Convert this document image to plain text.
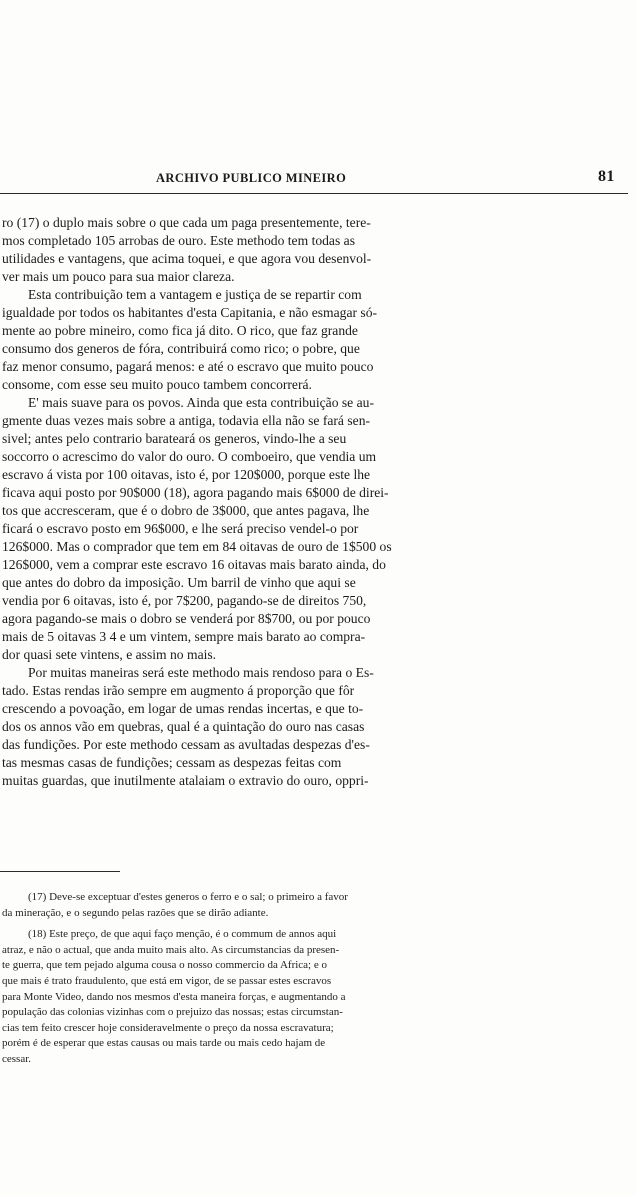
ARCHIVO PUBLICO MINEIRO	81
ro (17) o duplo mais sobre o que cada um paga presentemente, tere-
mos completado 105 arrobas de ouro. Este methodo tem todas as
utilidades e vantagens, que acima toquei, e que agora vou desenvol-
ver mais um pouco para sua maior clareza.
Esta contribuição tem a vantagem e justiça de se repartir com
igualdade por todos os habitantes d'esta Capitania, e não esmagar só-
mente ao pobre mineiro, como fica já dito. O rico, que faz grande
consumo dos generos de fóra, contribuirá como rico; o pobre, que
faz menor consumo, pagará menos: e até o escravo que muito pouco
consome, com esse seu muito pouco tambem concorrerá.
E' mais suave para os povos. Ainda que esta contribuição se au-
gmente duas vezes mais sobre a antiga, todavia ella não se fará sen-
sivel; antes pelo contrario barateará os generos, vindo-lhe a seu
soccorro o acrescimo do valor do ouro. O comboeiro, que vendia um
escravo á vista por 100 oitavas, isto é, por 120$000, porque este lhe
ficava aqui posto por 90$000 (18), agora pagando mais 6$000 de direi-
tos que accresceram, que é o dobro de 3$000, que antes pagava, lhe
ficará o escravo posto em 96$000, e lhe será preciso vendel-o por
126$000. Mas o comprador que tem em 84 oitavas de ouro de 1$500 os
126$000, vem a comprar este escravo 16 oitavas mais barato ainda, do
que antes do dobro da imposição. Um barril de vinho que aqui se
vendia por 6 oitavas, isto é, por 7$200, pagando-se de direitos 750,
agora pagando-se mais o dobro se venderá por 8$700, ou por pouco
mais de 5 oitavas 3 4 e um vintem, sempre mais barato ao compra-
dor quasi sete vintens, e assim no mais.
Por muitas maneiras será este methodo mais rendoso para o Es-
tado. Estas rendas irão sempre em augmento á proporção que fôr
crescendo a povoação, em logar de umas rendas incertas, e que to-
dos os annos vão em quebras, qual é a quintação do ouro nas casas
das fundições. Por este methodo cessam as avultadas despezas d'es-
tas mesmas casas de fundições; cessam as despezas feitas com
muitas guardas, que inutilmente atalaiam o extravio do ouro, oppri-
(17) Deve-se exceptuar d'estes generos o ferro e o sal; o primeiro a favor
da mineração, e o segundo pelas razões que se dirão adiante.
(18) Este preço, de que aqui faço menção, é o commum de annos aqui
atraz, e não o actual, que anda muito mais alto. As circumstancias da presen-
te guerra, que tem pejado alguma cousa o nosso commercio da Africa; e o
que mais é trato fraudulento, que está em vigor, de se passar estes escravos
para Monte Video, dando nos mesmos d'esta maneira forças, e augmentando a
população das colonias vizinhas com o prejuizo das nossas; estas circumstan-
cias tem feito crescer hoje consideravelmente o preço da nossa escravatura;
porém é de esperar que estas causas ou mais tarde ou mais cedo hajam de
cessar.
